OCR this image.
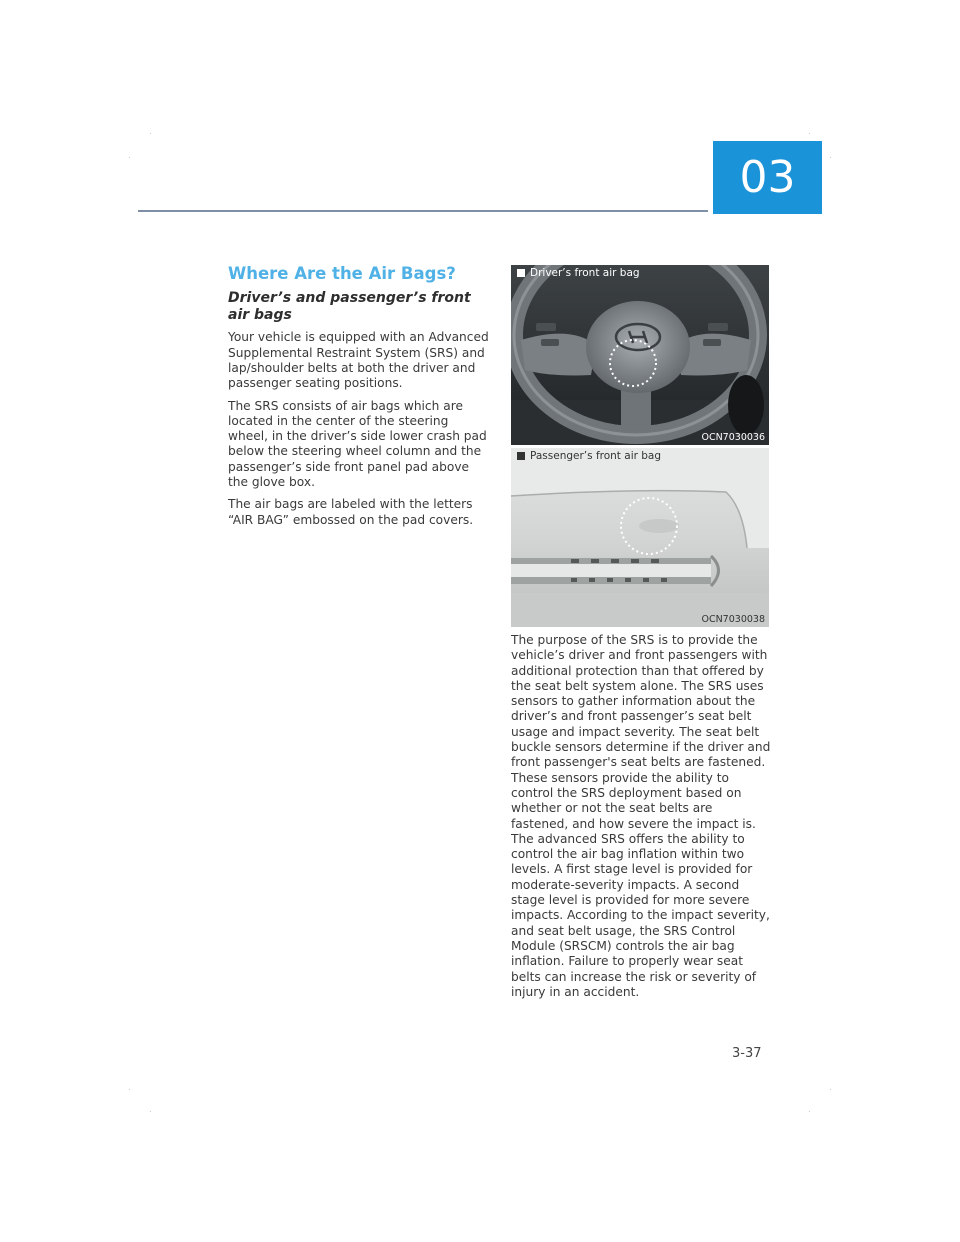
.
.
.
.
.
.
.
.
03
Where Are the Air Bags?
Driver’s and passenger’s front air bags

Your vehicle is equipped with an Advanced Supplemental Restraint System (SRS) and lap/shoulder belts at both the driver and passenger seating positions.

The SRS consists of air bags which are located in the center of the steering wheel, in the driver’s side lower crash pad below the steering wheel column and the passenger’s side front panel pad above the glove box.

The air bags are labeled with the letters “AIR BAG” embossed on the pad covers.

Driver’s front air bag
OCN7030036
Passenger’s front air bag
OCN7030038

The purpose of the SRS is to provide the vehicle’s driver and front passengers with additional protection than that offered by the seat belt system alone. The SRS uses sensors to gather information about the driver’s and front passenger’s seat belt usage and impact severity. The seat belt buckle sensors determine if the driver and front passenger's seat belts are fastened. These sensors provide the ability to control the SRS deployment based on whether or not the seat belts are fastened, and how severe the impact is. The advanced SRS offers the ability to control the air bag inflation within two levels. A first stage level is provided for moderate-severity impacts. A second stage level is provided for more severe impacts. According to the impact severity, and seat belt usage, the SRS Control Module (SRSCM) controls the air bag inflation. Failure to properly wear seat belts can increase the risk or severity of injury in an accident.

3-37
